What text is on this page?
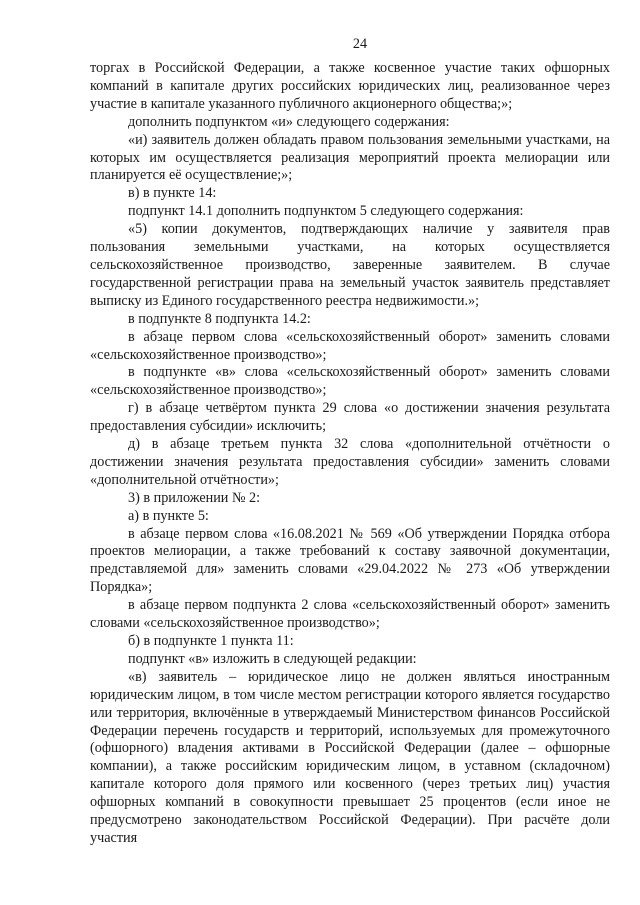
24

торгах в Российской Федерации, а также косвенное участие таких офшорных компаний в капитале других российских юридических лиц, реализованное через участие в капитале указанного публичного акционерного общества;»;

дополнить подпунктом «и» следующего содержания:

«и) заявитель должен обладать правом пользования земельными участками, на которых им осуществляется реализация мероприятий проекта мелиорации или планируется её осуществление;»;

в) в пункте 14:

подпункт 14.1 дополнить подпунктом 5 следующего содержания:

«5) копии документов, подтверждающих наличие у заявителя прав пользования земельными участками, на которых осуществляется сельскохозяйственное производство, заверенные заявителем. В случае государственной регистрации права на земельный участок заявитель представляет выписку из Единого государственного реестра недвижимости.»;

в подпункте 8 подпункта 14.2:

в абзаце первом слова «сельскохозяйственный оборот» заменить словами «сельскохозяйственное производство»;

в подпункте «в» слова «сельскохозяйственный оборот» заменить словами «сельскохозяйственное производство»;

г) в абзаце четвёртом пункта 29 слова «о достижении значения результата предоставления субсидии» исключить;

д) в абзаце третьем пункта 32 слова «дополнительной отчётности о достижении значения результата предоставления субсидии» заменить словами «дополнительной отчётности»;

3) в приложении № 2:

а) в пункте 5:

в абзаце первом слова «16.08.2021 № 569 «Об утверждении Порядка отбора проектов мелиорации, а также требований к составу заявочной документации, представляемой для» заменить словами «29.04.2022 № 273 «Об утверждении Порядка»;

в абзаце первом подпункта 2 слова «сельскохозяйственный оборот» заменить словами «сельскохозяйственное производство»;

б) в подпункте 1 пункта 11:

подпункт «в» изложить в следующей редакции:

«в) заявитель – юридическое лицо не должен являться иностранным юридическим лицом, в том числе местом регистрации которого является государство или территория, включённые в утверждаемый Министерством финансов Российской Федерации перечень государств и территорий, используемых для промежуточного (офшорного) владения активами в Российской Федерации (далее – офшорные компании), а также российским юридическим лицом, в уставном (складочном) капитале которого доля прямого или косвенного (через третьих лиц) участия офшорных компаний в совокупности превышает 25 процентов (если иное не предусмотрено законодательством Российской Федерации). При расчёте доли участия
